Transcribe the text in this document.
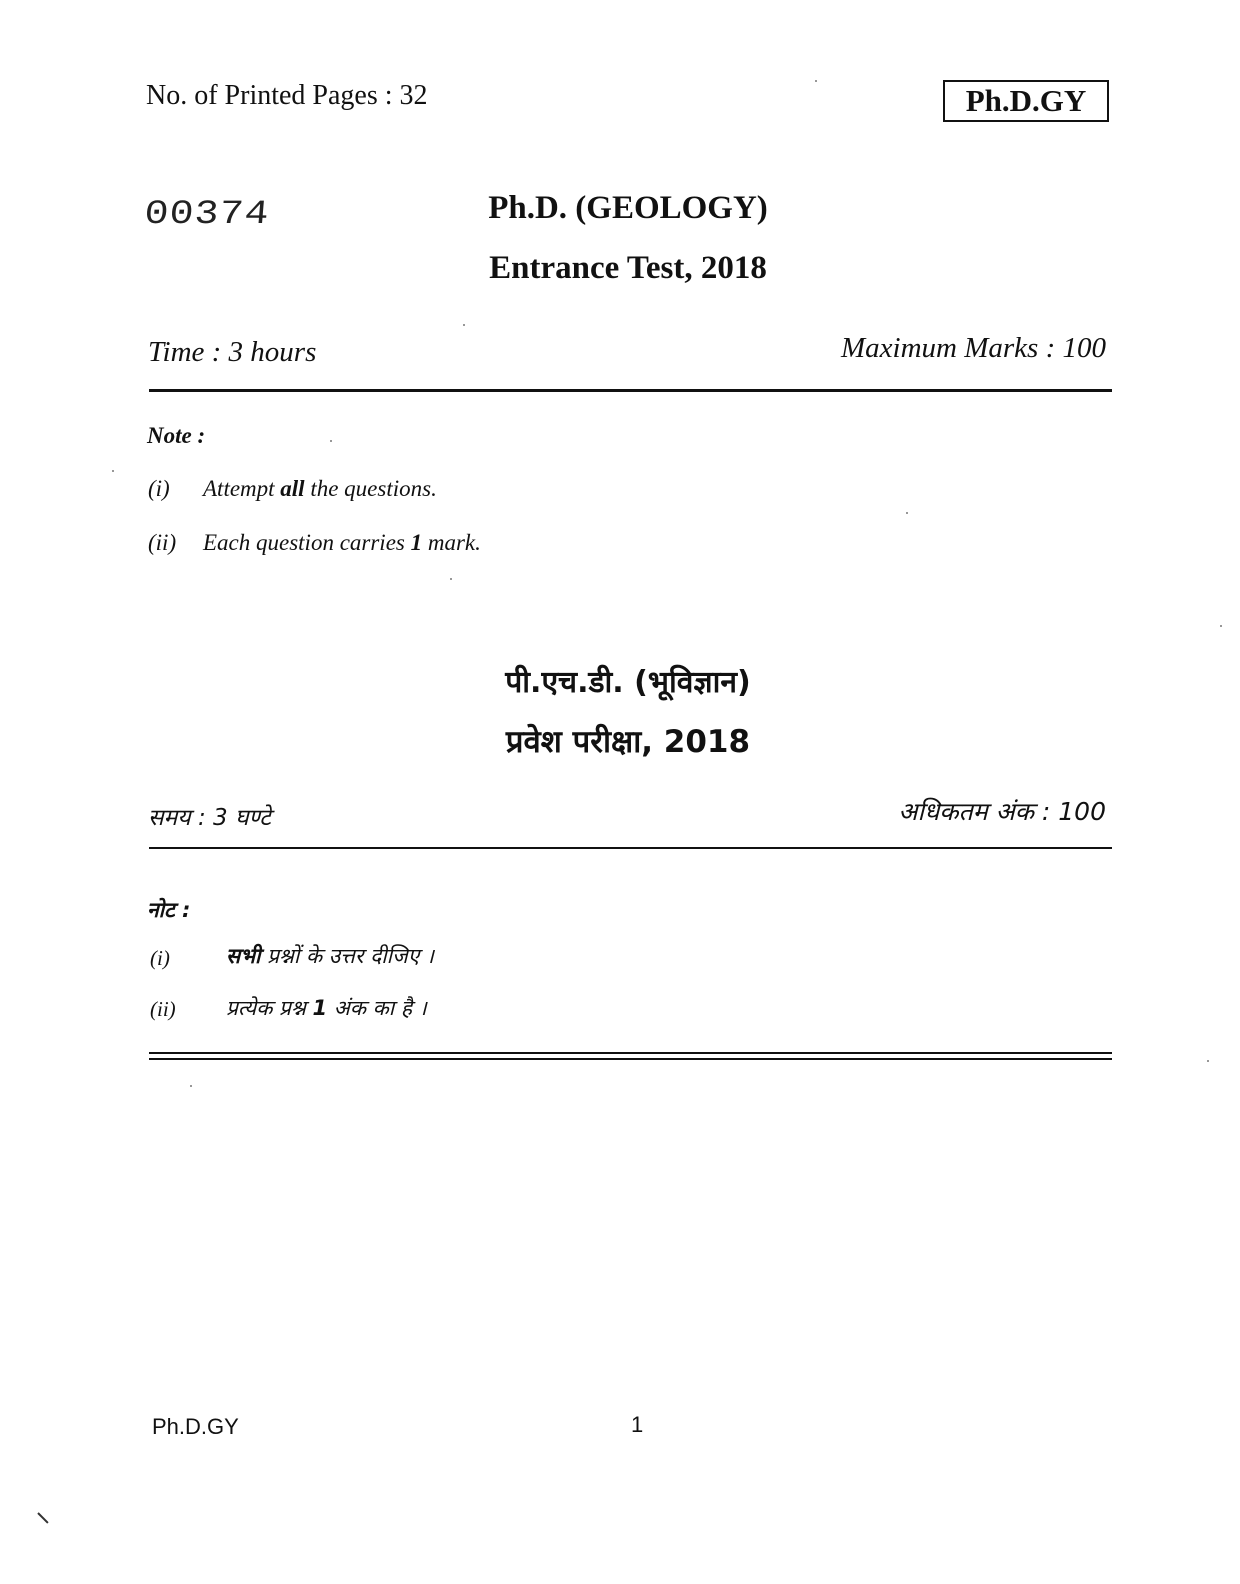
No. of Printed Pages : 32	Ph.D.GY
00374	Ph.D. (GEOLOGY)
Entrance Test, 2018
Time : 3 hours	Maximum Marks : 100
Note :
(i) Attempt all the questions.
(ii) Each question carries 1 mark.
पी.एच.डी. (भूविज्ञान)
प्रवेश परीक्षा, 2018
समय : 3 घण्टे	अधिकतम अंक : 100
नोट :
(i)	सभी प्रश्नों के उत्तर दीजिए ।
(ii) प्रत्येक प्रश्न 1 अंक का है ।
Ph.D.GY	1
